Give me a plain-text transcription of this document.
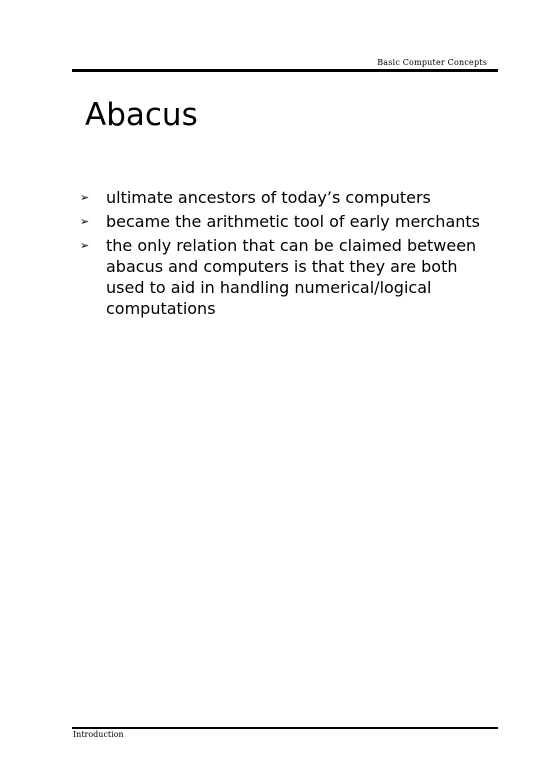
Basic Computer Concepts
Abacus
➢	ultimate ancestors of today’s computers
➢	became the arithmetic tool of early merchants
➢	the only relation that can be claimed between abacus and computers is that they are both used to aid in handling numerical/logical computations
Introduction
